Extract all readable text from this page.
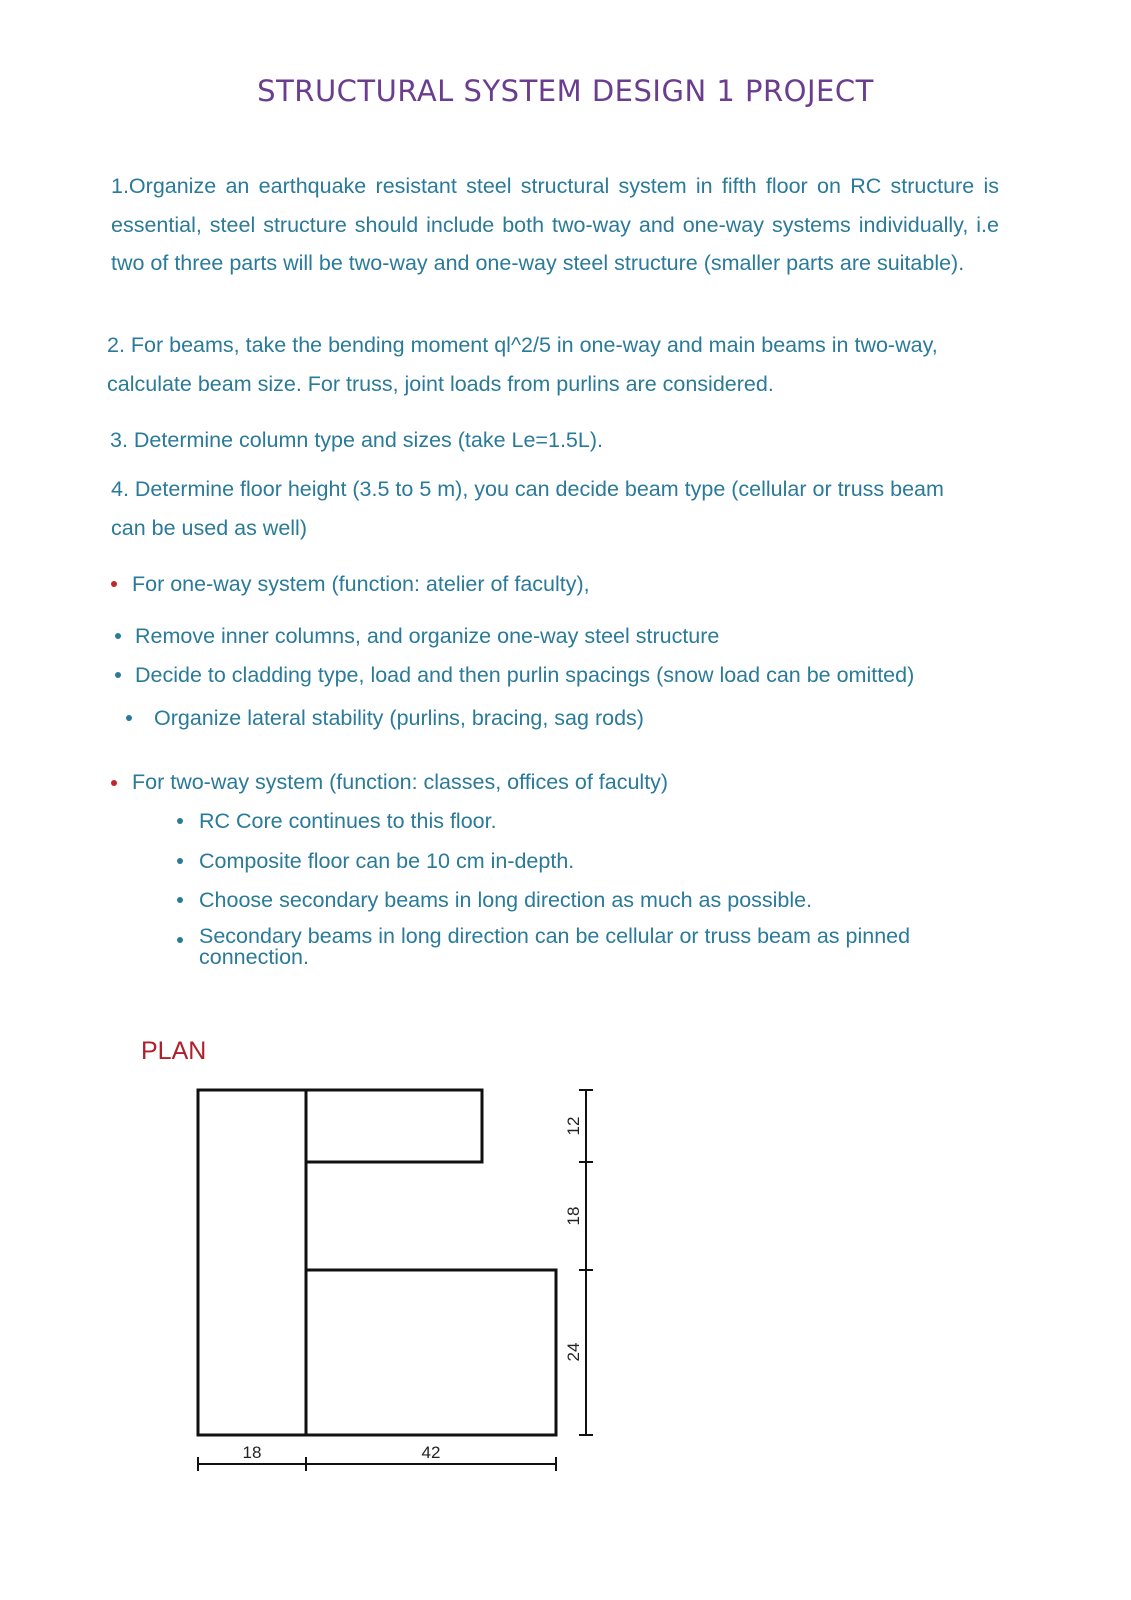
STRUCTURAL SYSTEM DESIGN 1 PROJECT

1.Organize an earthquake resistant steel structural system in fifth floor on RC structure is essential, steel structure should include both two-way and one-way systems individually, i.e two of three parts will be two-way and one-way steel structure (smaller parts are suitable).

2. For beams, take the bending moment ql^2/5 in one-way and main beams in two-way, calculate beam size. For truss, joint loads from purlins are considered.

3. Determine column type and sizes (take Le=1.5L).

4. Determine floor height (3.5 to 5 m), you can decide beam type (cellular or truss beam can be used as well)

For one-way system (function: atelier of faculty),

Remove inner columns, and organize one-way steel structure

Decide to cladding type, load and then purlin spacings (snow load can be omitted)

Organize lateral stability (purlins, bracing, sag rods)

For two-way system (function: classes, offices of faculty)

RC Core continues to this floor.

Composite floor can be 10 cm in-depth.

Choose secondary beams in long direction as much as possible.

Secondary beams in long direction can be cellular or truss beam as pinned connection.

PLAN

18	42
12
18
24
